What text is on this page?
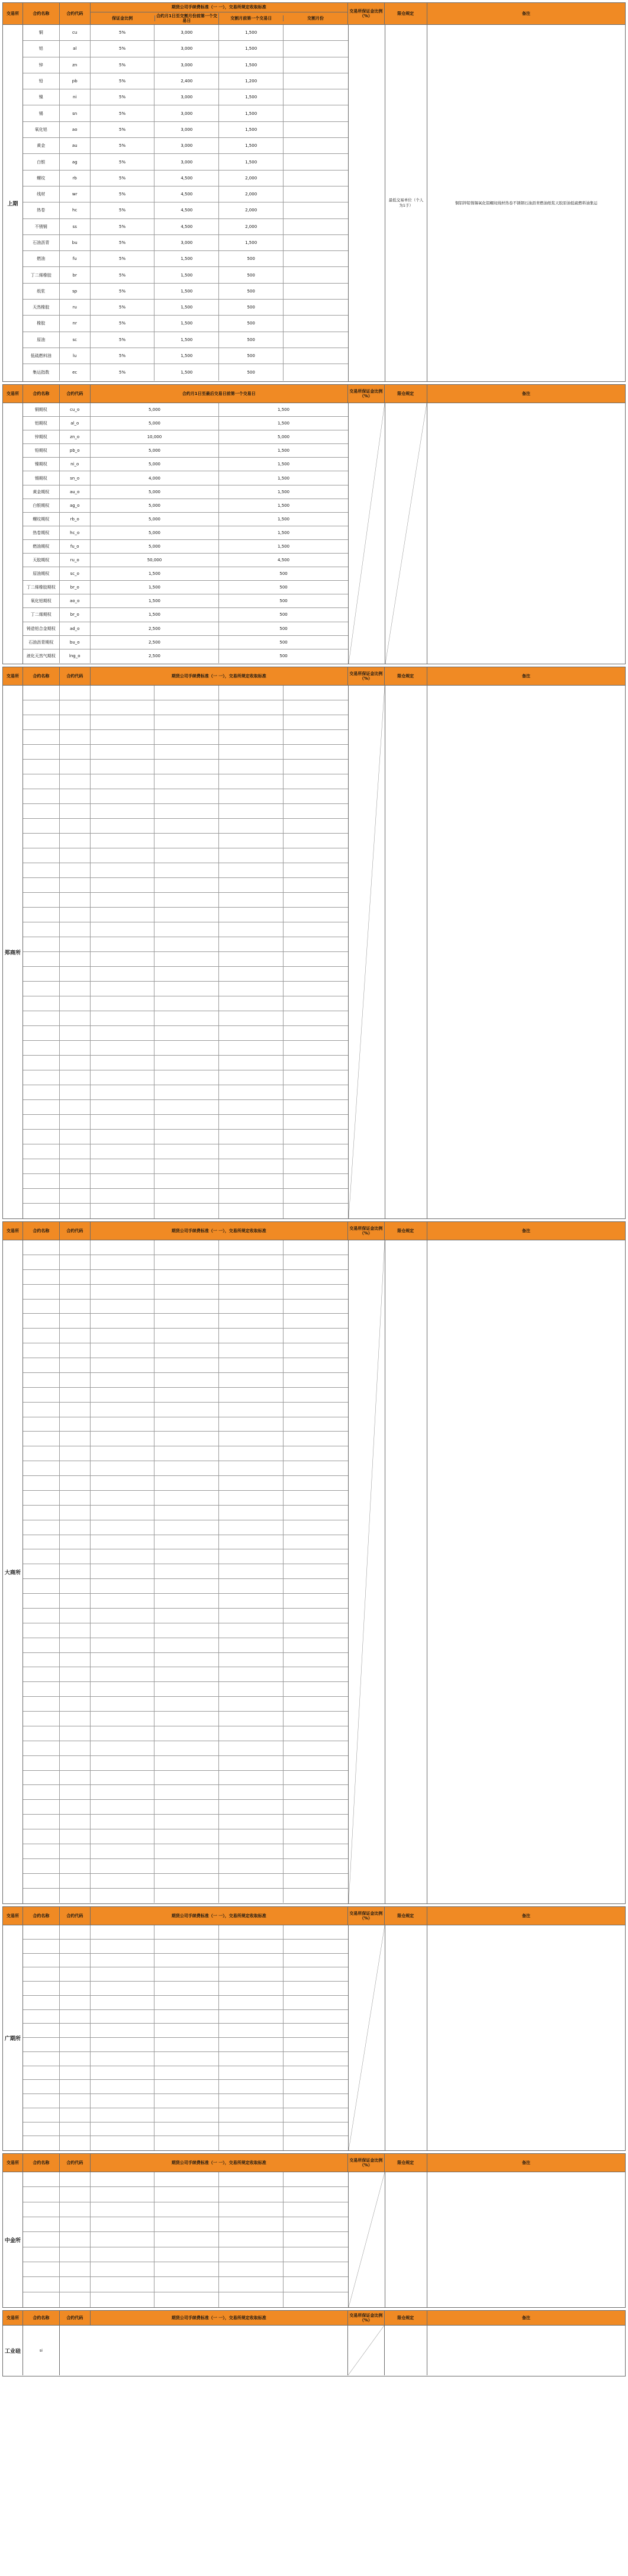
交易所	合约名称	合约代码
期货公司手续费标准（一 一），交易所规定收取标准
保证金比例
合约月1日至交割月份前第一个交易日
交割月前第一个交易日	交割月份
交易所保证金比例（%）
限仓规定	备注
上期
铜	cu	5%	3,000	1,500
铝	al	5%	3,000	1,500
锌	zn	5%	3,000	1,500
铅	pb	5%	2,400	1,200
镍	ni	5%	3,000	1,500
锡	sn	5%	3,000	1,500
氧化铝	ao	5%	3,000	1,500
黄金	au	5%	3,000	1,500
白银	ag	5%	3,000	1,500
螺纹	rb	5%	4,500	2,000
线材	wr	5%	4,500	2,000
热卷	hc	5%	4,500	2,000
不锈钢	ss	5%	4,500	2,000
石油沥青	bu	5%	3,000	1,500
燃油	fu	5%	1,500	500
丁二烯橡胶	br	5%	1,500	500
纸浆	sp	5%	1,500	500
天然橡胶	ru	5%	1,500	500
橡胶	nr	5%	1,500	500
原油	sc	5%	1,500	500
低硫燃料油	lu	5%	1,500	500
集运指数	ec	5%	1,500	500
最低交易单位（个人为1手）
铜铝锌铅镍锡氧化铝螺纹线材热卷不锈钢石油沥青燃油纸浆天胶原油低硫燃料油集运
交易所	合约名称	合约代码	合约月1日至最后交易日前第一个交易日
交易所保证金比例（%）
限仓规定	备注
铜期权	cu_o	5,000	1,500
铝期权	al_o	5,000	1,500
锌期权	zn_o	10,000	5,000
铅期权	pb_o	5,000	1,500
镍期权	ni_o	5,000	1,500
锡期权	sn_o	4,000	1,500
黄金期权	au_o	5,000	1,500
白银期权	ag_o	5,000	1,500
螺纹期权	rb_o	5,000	1,500
热卷期权	hc_o	5,000	1,500
燃油期权	fu_o	5,000	1,500
天胶期权	ru_o	50,000	4,500
原油期权	sc_o	1,500	500
丁二烯橡胶期权	br_o	1,500	500
氧化铝期权	ao_o	1,500	500
丁二烯期权	br_o	1,500	500
铸造铝合金期权	ad_o	2,500	500
石油沥青期权	bu_o	2,500	500
液化天然气期权	lng_o	2,500	500
交易所	合约名称	合约代码	期货公司手续费标准（一 一），交易所规定收取标准
交易所保证金比例（%）
限仓规定	备注
郑商所
交易所	合约名称	合约代码	期货公司手续费标准（一 一），交易所规定收取标准
交易所保证金比例（%）
限仓规定	备注
大商所
交易所	合约名称	合约代码	期货公司手续费标准（一 一），交易所规定收取标准
交易所保证金比例（%）
限仓规定	备注
广期所
交易所	合约名称	合约代码	期货公司手续费标准（一 一），交易所规定收取标准
交易所保证金比例（%）
限仓规定	备注
中金所
交易所	合约名称	合约代码	期货公司手续费标准（一 一），交易所规定收取标准
交易所保证金比例（%）
限仓规定	备注
工业硅	si
